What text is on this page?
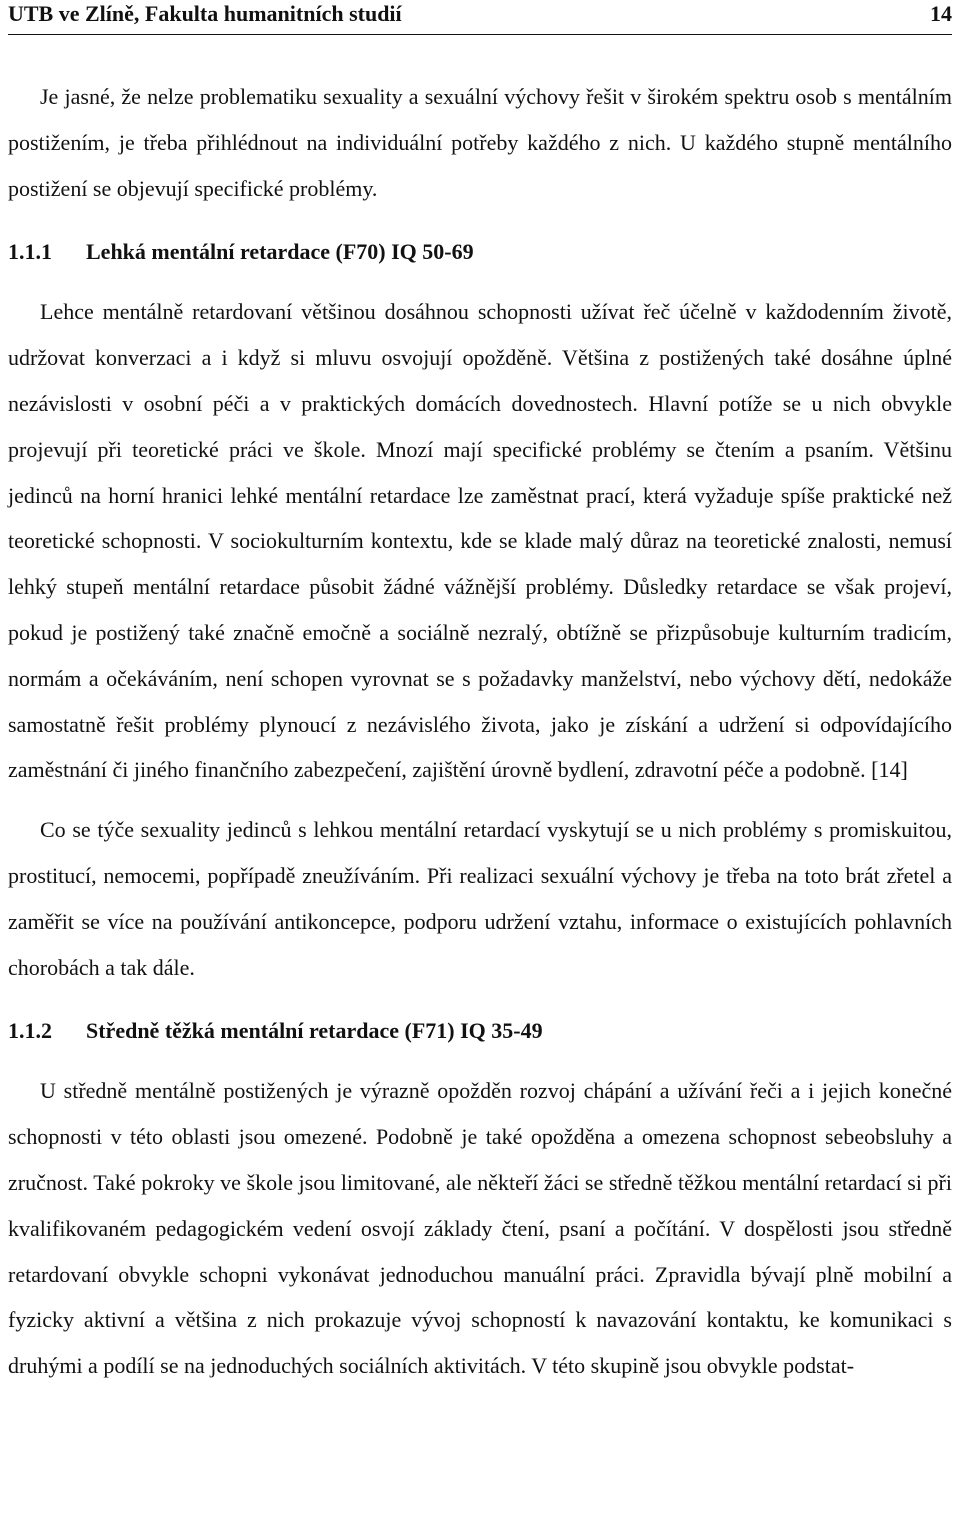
UTB ve Zlíně, Fakulta humanitních studií	14

Je jasné, že nelze problematiku sexuality a sexuální výchovy řešit v širokém spektru osob s mentálním postižením, je třeba přihlédnout na individuální potřeby každého z nich. U každého stupně mentálního postižení se objevují specifické problémy.

1.1.1	Lehká mentální retardace (F70) IQ 50-69

Lehce mentálně retardovaní většinou dosáhnou schopnosti užívat řeč účelně v každodenním životě, udržovat konverzaci a i když si mluvu osvojují opožděně. Většina z postižených také dosáhne úplné nezávislosti v osobní péči a v praktických domácích dovednostech. Hlavní potíže se u nich obvykle projevují při teoretické práci ve škole. Mnozí mají specifické problémy se čtením a psaním. Většinu jedinců na horní hranici lehké mentální retardace lze zaměstnat prací, která vyžaduje spíše praktické než teoretické schopnosti. V sociokulturním kontextu, kde se klade malý důraz na teoretické znalosti, nemusí lehký stupeň mentální retardace působit žádné vážnější problémy. Důsledky retardace se však projeví, pokud je postižený také značně emočně a sociálně nezralý, obtížně se přizpůsobuje kulturním tradicím, normám a očekáváním, není schopen vyrovnat se s požadavky manželství, nebo výchovy dětí, nedokáže samostatně řešit problémy plynoucí z nezávislého života, jako je získání a udržení si odpovídajícího zaměstnání či jiného finančního zabezpečení, zajištění úrovně bydlení, zdravotní péče a podobně. [14]

Co se týče sexuality jedinců s lehkou mentální retardací vyskytují se u nich problémy s promiskuitou, prostitucí, nemocemi, popřípadě zneužíváním. Při realizaci sexuální výchovy je třeba na toto brát zřetel a zaměřit se více na používání antikoncepce, podporu udržení vztahu, informace o existujících pohlavních chorobách a tak dále.

1.1.2	Středně těžká mentální retardace (F71) IQ 35-49

U středně mentálně postižených je výrazně opožděn rozvoj chápání a užívání řeči a i jejich konečné schopnosti v této oblasti jsou omezené. Podobně je také opožděna a omezena schopnost sebeobsluhy a zručnost. Také pokroky ve škole jsou limitované, ale někteří žáci se středně těžkou mentální retardací si při kvalifikovaném pedagogickém vedení osvojí základy čtení, psaní a počítání. V dospělosti jsou středně retardovaní obvykle schopni vykonávat jednoduchou manuální práci. Zpravidla bývají plně mobilní a fyzicky aktivní a většina z nich prokazuje vývoj schopností k navazování kontaktu, ke komunikaci s druhými a podílí se na jednoduchých sociálních aktivitách. V této skupině jsou obvykle podstat-
